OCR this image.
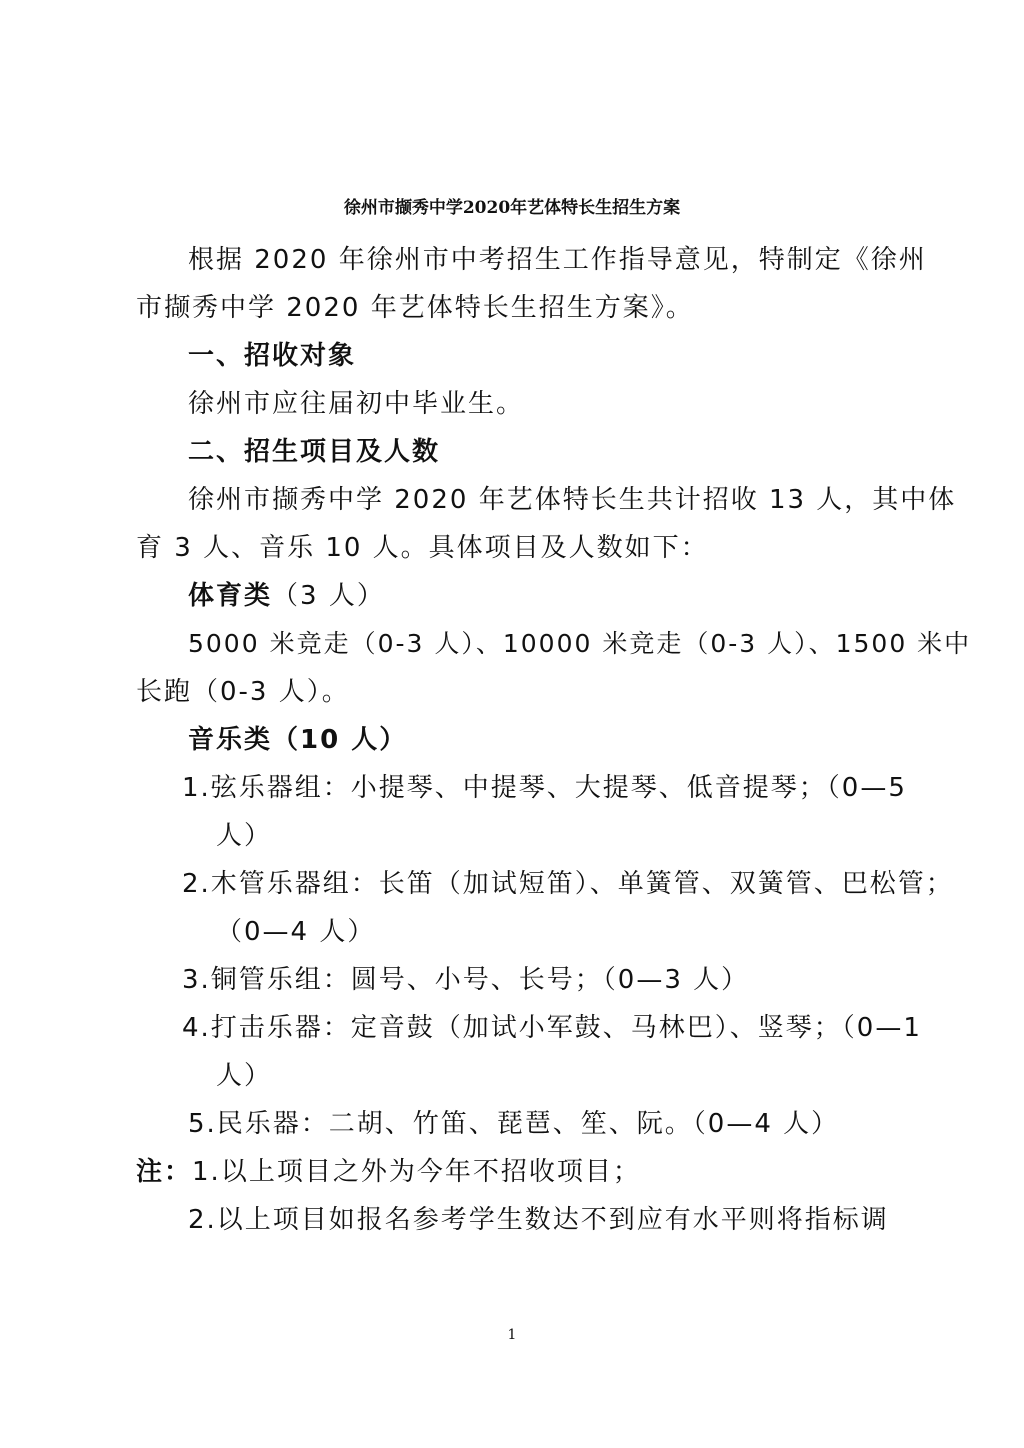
徐州市撷秀中学2020年艺体特长生招生方案
根据 2020 年徐州市中考招生工作指导意见，特制定《徐州
市撷秀中学 2020 年艺体特长生招生方案》。
一、招收对象
徐州市应往届初中毕业生。
二、招生项目及人数
徐州市撷秀中学 2020 年艺体特长生共计招收 13 人，其中体
育 3 人、音乐 10 人。具体项目及人数如下：
体育类（3 人）
5000 米竞走（0-3 人）、10000 米竞走（0-3 人）、1500 米中
长跑（0-3 人）。
音乐类（10 人）
1.弦乐器组：小提琴、中提琴、大提琴、低音提琴；（0—5
人）
2.木管乐器组：长笛（加试短笛）、单簧管、双簧管、巴松管；
（0—4 人）
3.铜管乐组：圆号、小号、长号；（0—3 人）
4.打击乐器：定音鼓（加试小军鼓、马林巴）、竖琴；（0—1
人）
5.民乐器：二胡、竹笛、琵琶、笙、阮。（0—4 人）
注：1.以上项目之外为今年不招收项目；
2.以上项目如报名参考学生数达不到应有水平则将指标调
1
